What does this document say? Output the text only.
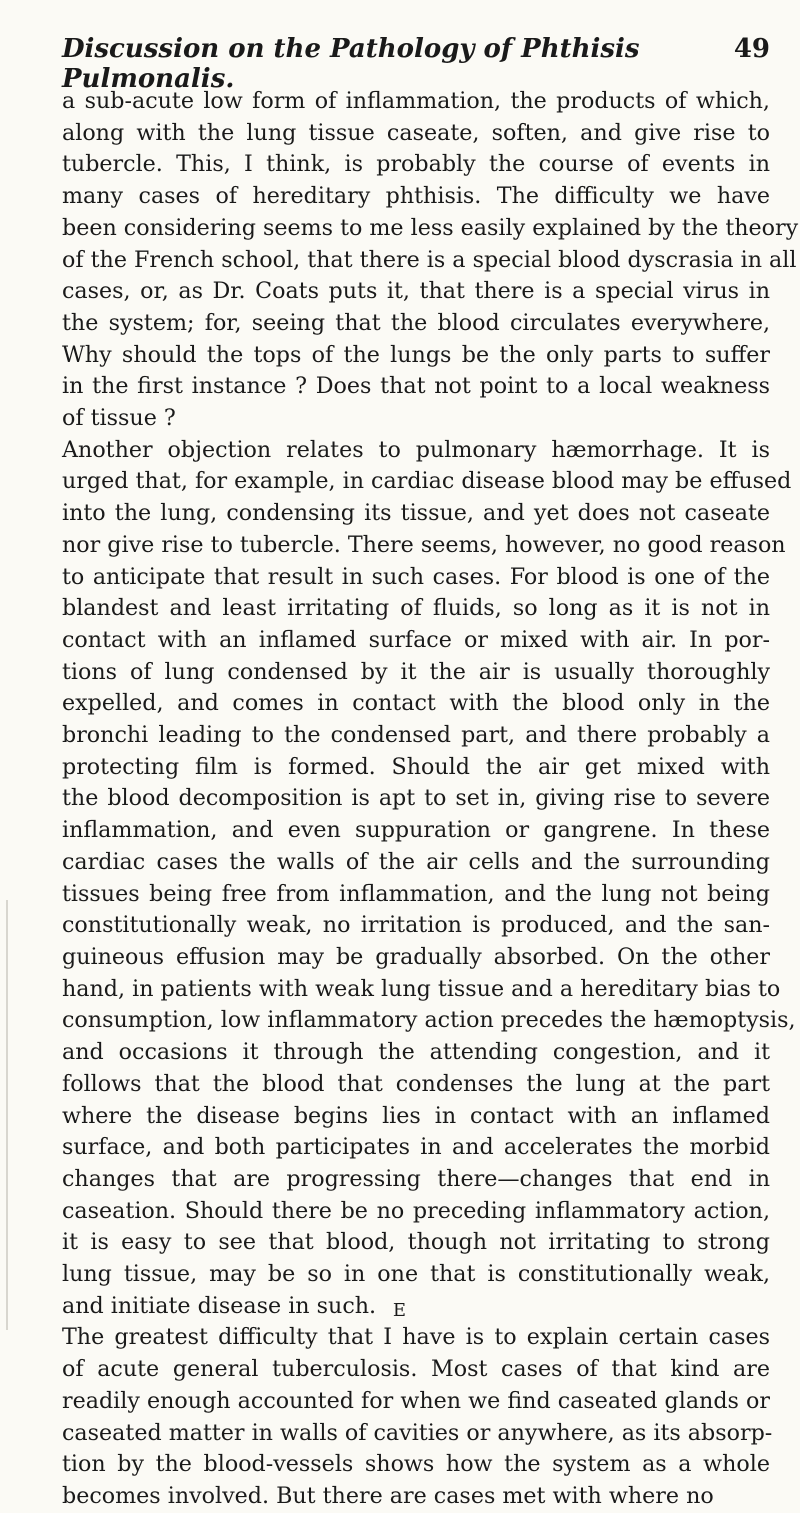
Discussion on the Pathology of Phthisis Pulmonalis.
49
a sub-acute low form of inflammation, the products of which,
along with the lung tissue caseate, soften, and give rise to
tubercle. This, I think, is probably the course of events in
many cases of hereditary phthisis. The difficulty we have
been considering seems to me less easily explained by the theory
of the French school, that there is a special blood dyscrasia in all
cases, or, as Dr. Coats puts it, that there is a special virus in
the system; for, seeing that the blood circulates everywhere,
Why should the tops of the lungs be the only parts to suffer
in the first instance ? Does that not point to a local weakness
of tissue ?
Another objection relates to pulmonary hæmorrhage. It is
urged that, for example, in cardiac disease blood may be effused
into the lung, condensing its tissue, and yet does not caseate
nor give rise to tubercle. There seems, however, no good reason
to anticipate that result in such cases. For blood is one of the
blandest and least irritating of fluids, so long as it is not in
contact with an inflamed surface or mixed with air. In por-
tions of lung condensed by it the air is usually thoroughly
expelled, and comes in contact with the blood only in the
bronchi leading to the condensed part, and there probably a
protecting film is formed. Should the air get mixed with
the blood decomposition is apt to set in, giving rise to severe
inflammation, and even suppuration or gangrene. In these
cardiac cases the walls of the air cells and the surrounding
tissues being free from inflammation, and the lung not being
constitutionally weak, no irritation is produced, and the san-
guineous effusion may be gradually absorbed. On the other
hand, in patients with weak lung tissue and a hereditary bias to
consumption, low inflammatory action precedes the hæmoptysis,
and occasions it through the attending congestion, and it
follows that the blood that condenses the lung at the part
where the disease begins lies in contact with an inflamed
surface, and both participates in and accelerates the morbid
changes that are progressing there—changes that end in
caseation. Should there be no preceding inflammatory action,
it is easy to see that blood, though not irritating to strong
lung tissue, may be so in one that is constitutionally weak,
and initiate disease in such.
The greatest difficulty that I have is to explain certain cases
of acute general tuberculosis. Most cases of that kind are
readily enough accounted for when we find caseated glands or
caseated matter in walls of cavities or anywhere, as its absorp-
tion by the blood-vessels shows how the system as a whole
becomes involved. But there are cases met with where no
E
